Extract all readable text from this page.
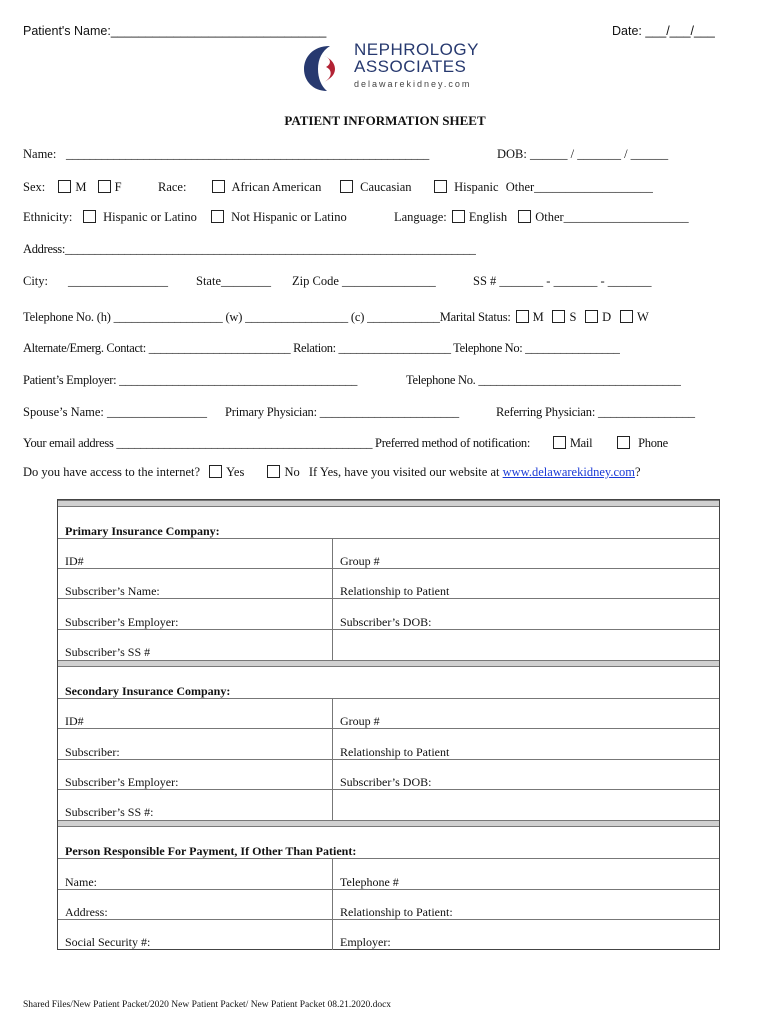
Patient's Name:_______________________________	Date: ___/___/___
NEPHROLOGY
ASSOCIATES
delawarekidney.com
PATIENT INFORMATION SHEET
Name: _____________________________________________________________	DOB: ______ / _______ / ______
Sex: M F	Race:	African American	Caucasian	Hispanic Other___________________
Ethnicity:	Hispanic or Latino	Not Hispanic or Latino	Language: English Other____________________
Address:_____________________________________________________________________
City: ________________ State________ Zip Code _______________	SS # _______ - _______ - _______
Telephone No. (h) __________________ (w) _________________ (c) ____________Marital Status: M S D W
Alternate/Emerg. Contact: ________________________ Relation: ___________________ Telephone No: ________________
Patient’s Employer: ________________________________________	Telephone No. __________________________________
Spouse’s Name: ________________ Primary Physician: _______________________	Referring Physician: ________________
Your email address ___________________________________________ Preferred method of notification:	Mail	Phone
Do you have access to the internet? Yes	No If Yes, have you visited our website at www.delawarekidney.com?
Primary Insurance Company:
ID#	Group #
Subscriber’s Name:	Relationship to Patient
Subscriber’s Employer:	Subscriber’s DOB:
Subscriber’s SS #
Secondary Insurance Company:
ID#	Group #
Subscriber:	Relationship to Patient
Subscriber’s Employer:	Subscriber’s DOB:
Subscriber’s SS #:
Person Responsible For Payment, If Other Than Patient:
Name:	Telephone #
Address:	Relationship to Patient:
Social Security #:	Employer:
Shared Files/New Patient Packet/2020 New Patient Packet/ New Patient Packet 08.21.2020.docx
